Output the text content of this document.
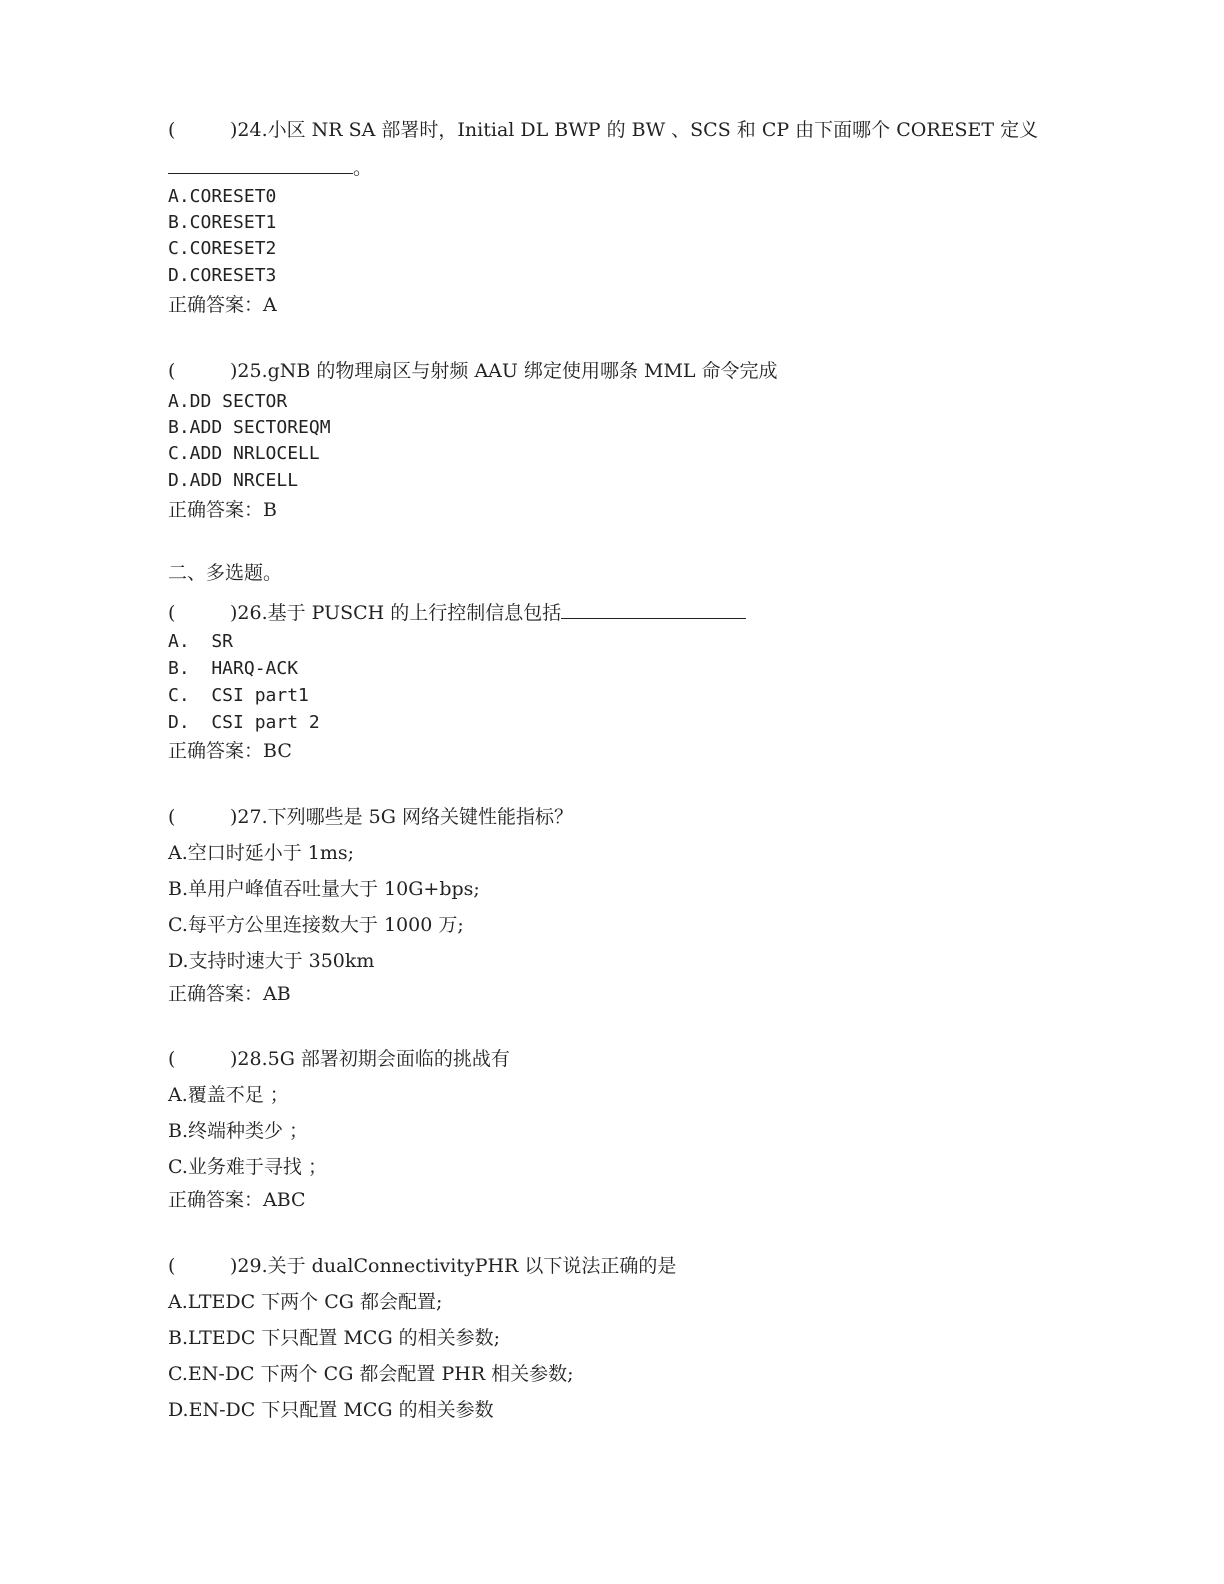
(	)24.小区 NR SA 部署时，Initial DL BWP 的 BW 、SCS 和 CP 由下面哪个 CORESET 定义
。
A.CORESET0
B.CORESET1
C.CORESET2
D.CORESET3
正确答案：A
(	)25.gNB 的物理扇区与射频 AAU 绑定使用哪条 MML 命令完成
A.DD SECTOR
B.ADD SECTOREQM
C.ADD NRLOCELL
D.ADD NRCELL
正确答案：B
二、多选题。
(	)26.基于 PUSCH 的上行控制信息包括
A.  SR
B.  HARQ-ACK
C.  CSI part1
D.  CSI part 2
正确答案：BC
(	)27.下列哪些是 5G 网络关键性能指标？
A.空口时延小于 1ms;
B.单用户峰值吞吐量大于 10G+bps;
C.每平方公里连接数大于 1000 万;
D.支持时速大于 350km
正确答案：AB
(	)28.5G 部署初期会面临的挑战有
A.覆盖不足 ；
B.终端种类少 ；
C.业务难于寻找 ；
正确答案：ABC
(	)29.关于 dualConnectivityPHR 以下说法正确的是
A.LTEDC 下两个 CG 都会配置;
B.LTEDC 下只配置 MCG 的相关参数;
C.EN-DC 下两个 CG 都会配置 PHR 相关参数;
D.EN-DC 下只配置 MCG 的相关参数
